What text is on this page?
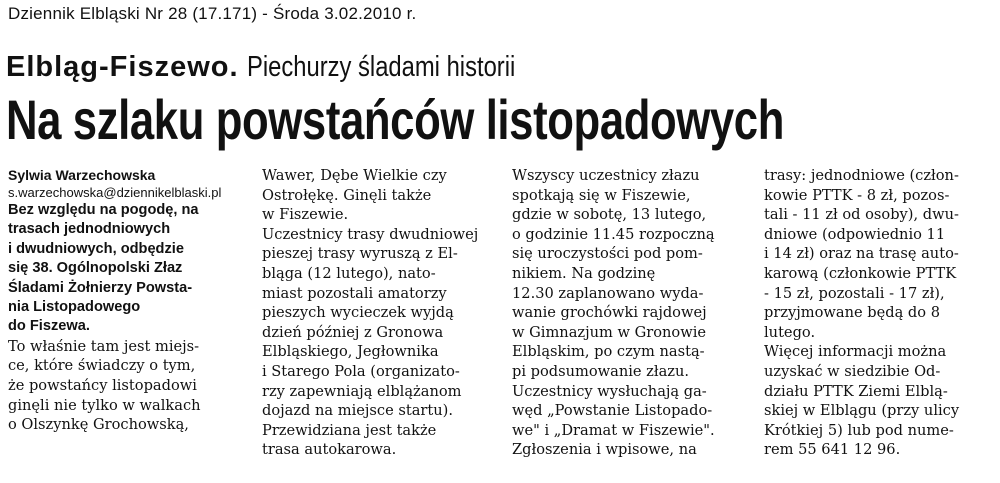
Dziennik Elbląski Nr 28 (17.171) - Środa 3.02.2010 r.
Elbląg-Fiszewo. Piechurzy śladami historii
Na szlaku powstańców listopadowych

Sylwia Warzechowska

s.warzechowska@dziennikelblaski.pl

Bez względu na pogodę, na

trasach jednodniowych

i dwudniowych, odbędzie

się 38. Ogólnopolski Złaz

Śladami Żołnierzy Powsta-

nia Listopadowego

do Fiszewa.

To właśnie tam jest miejs-

ce, które świadczy o tym,

że powstańcy listopadowi

ginęli nie tylko w walkach

o Olszynkę Grochowską,

Wawer, Dębe Wielkie czy

Ostrołękę. Ginęli także

w Fiszewie.

Uczestnicy trasy dwudniowej

pieszej trasy wyruszą z El-

bląga (12 lutego), nato-

miast pozostali amatorzy

pieszych wycieczek wyjdą

dzień później z Gronowa

Elbląskiego, Jegłownika

i Starego Pola (organizato-

rzy zapewniają elblążanom

dojazd na miejsce startu).

Przewidziana jest także

trasa autokarowa.

Wszyscy uczestnicy złazu

spotkają się w Fiszewie,

gdzie w sobotę, 13 lutego,

o godzinie 11.45 rozpoczną

się uroczystości pod pom-

nikiem. Na godzinę

12.30 zaplanowano wyda-

wanie grochówki rajdowej

w Gimnazjum w Gronowie

Elbląskim, po czym nastą-

pi podsumowanie złazu.

Uczestnicy wysłuchają ga-

węd „Powstanie Listopado-

we" i „Dramat w Fiszewie".

Zgłoszenia i wpisowe, na

trasy: jednodniowe (człon-

kowie PTTK - 8 zł, pozos-

tali - 11 zł od osoby), dwu-

dniowe (odpowiednio 11

i 14 zł) oraz na trasę auto-

karową (członkowie PTTK

- 15 zł, pozostali - 17 zł),

przyjmowane będą do 8

lutego.

Więcej informacji można

uzyskać w siedzibie Od-

działu PTTK Ziemi Elblą-

skiej w Elblągu (przy ulicy

Krótkiej 5) lub pod nume-

rem 55 641 12 96.
